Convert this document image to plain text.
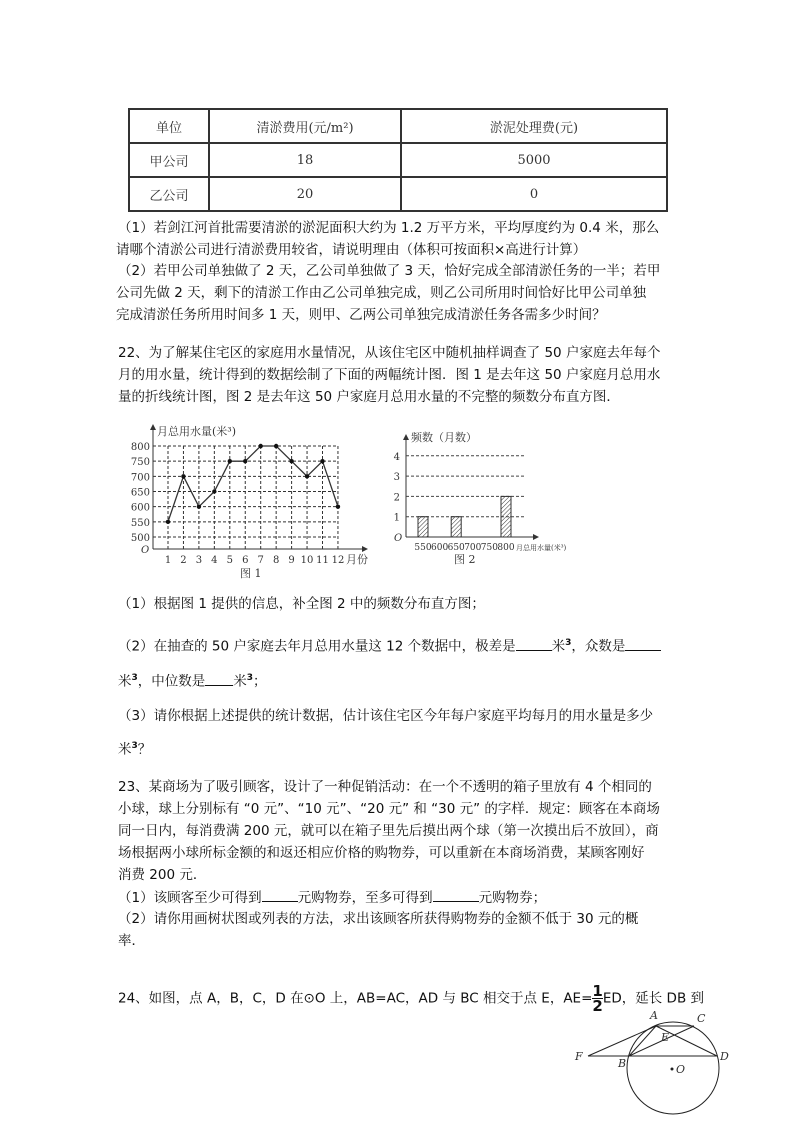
单位	清淤费用(元/m²)	淤泥处理费(元)
甲公司	18	5000
乙公司	20	0
（1）若剑江河首批需要清淤的淤泥面积大约为 1.2 万平方米，平均厚度约为 0.4 米，那么
请哪个清淤公司进行清淤费用较省，请说明理由（体积可按面积×高进行计算）
（2）若甲公司单独做了 2 天，乙公司单独做了 3 天，恰好完成全部清淤任务的一半；若甲
公司先做 2 天，剩下的清淤工作由乙公司单独完成，则乙公司所用时间恰好比甲公司单独
完成清淤任务所用时间多 1 天，则甲、乙两公司单独完成清淤任务各需多少时间？
22、为了解某住宅区的家庭用水量情况，从该住宅区中随机抽样调查了 50 户家庭去年每个
月的用水量，统计得到的数据绘制了下面的两幅统计图．图 1 是去年这 50 户家庭月总用水
量的折线统计图，图 2 是去年这 50 户家庭月总用水量的不完整的频数分布直方图．
500
550
600
650
700
750
800
1 2 3 4 5 6 7 8 9 10 11 12
月总用水量(米³)
月份
O
图 1
1
2
3
4
550 600 650 700 750 800
频数（月数）
月总用水量(米³)
O
图 2
（1）根据图 1 提供的信息，补全图 2 中的频数分布直方图；
（2）在抽查的 50 户家庭去年月总用水量这 12 个数据中，极差是	米$^3$，众数是
米$^3$，中位数是 米$^3$；
（3）请你根据上述提供的统计数据，估计该住宅区今年每户家庭平均每月的用水量是多少
米$^3$？
23、某商场为了吸引顾客，设计了一种促销活动：在一个不透明的箱子里放有 4 个相同的
小球，球上分别标有 “0 元”、“10 元”、“20 元” 和 “30 元” 的字样．规定：顾客在本商场
同一日内，每消费满 200 元，就可以在箱子里先后摸出两个球（第一次摸出后不放回），商
场根据两小球所标金额的和返还相应价格的购物券，可以重新在本商场消费，某顾客刚好
消费 200 元．
（1）该顾客至少可得到	元购物券，至多可得到	元购物券；
（2）请你用画树状图或列表的方法，求出该顾客所获得购物券的金额不低于 30 元的概
率．
24、如图，点 A，B，C，D 在⊙O 上，AB=AC，AD 与 BC 相交于点 E，$AE= \frac{1}{2}$ ED，延长 DB 到
A	C
E
F
B
D
O
